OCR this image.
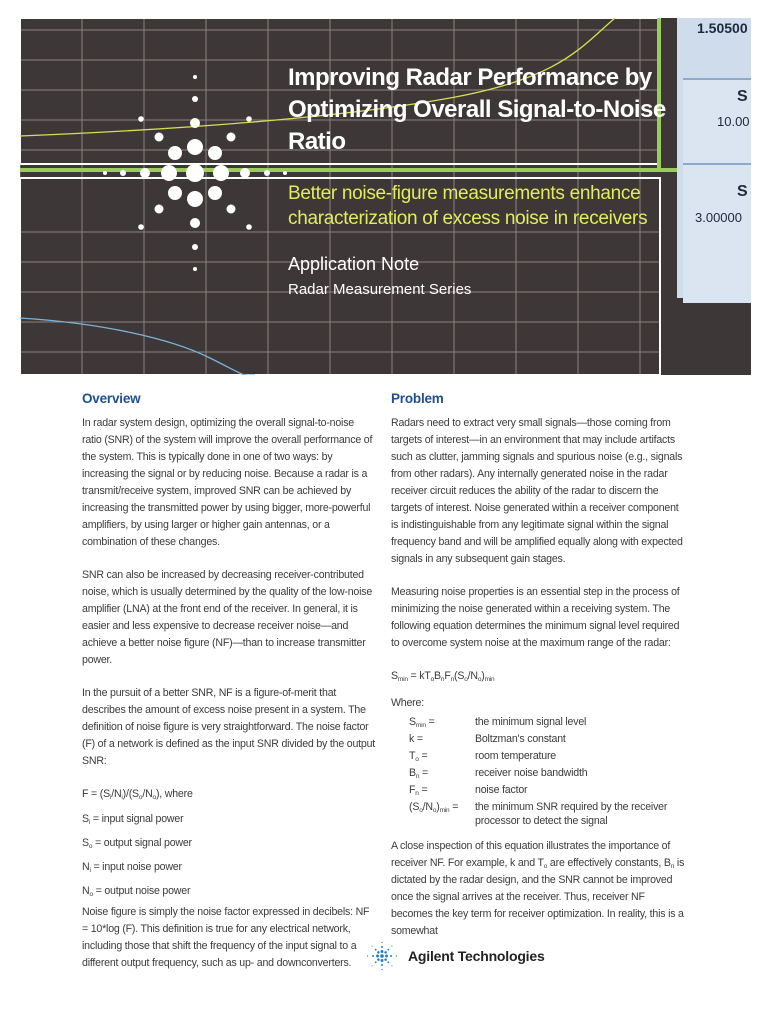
1.50500
S
10.00
S
3.00000
Improving Radar Performance by Optimizing Overall Signal-to-Noise Ratio
Better noise-figure measurements enhance characterization of excess noise in receivers
Application Note
Radar Measurement Series
Overview
In radar system design, optimizing the overall signal-to-noise ratio (SNR) of the system will improve the overall performance of the system. This is typically done in one of two ways: by increasing the signal or by reducing noise. Because a radar is a transmit/receive system, improved SNR can be achieved by increasing the transmitted power by using bigger, more-powerful amplifiers, by using larger or higher gain antennas, or a combination of these changes.
SNR can also be increased by decreasing receiver-contributed noise, which is usually determined by the quality of the low-noise amplifier (LNA) at the front end of the receiver. In general, it is easier and less expensive to decrease receiver noise—and achieve a better noise figure (NF)—than to increase transmitter power.
In the pursuit of a better SNR, NF is a figure-of-merit that describes the amount of excess noise present in a system. The definition of noise figure is very straightforward. The noise factor (F) of a network is defined as the input SNR divided by the output SNR:
$F = (S_i/N_i)/(S_o/N_o)$, where
$S_i$ = input signal power
$S_o$ = output signal power
$N_i$ = input noise power
$N_o$ = output noise power
Noise figure is simply the noise factor expressed in decibels: NF = 10*log (F). This definition is true for any electrical network, including those that shift the frequency of the input signal to a different output frequency, such as up- and downconverters.
Problem
Radars need to extract very small signals—those coming from targets of interest—in an environment that may include artifacts such as clutter, jamming signals and spurious noise (e.g., signals from other radars). Any internally generated noise in the radar receiver circuit reduces the ability of the radar to discern the targets of interest. Noise generated within a receiver component is indistinguishable from any legitimate signal within the signal frequency band and will be amplified equally along with expected signals in any subsequent gain stages.
Measuring noise properties is an essential step in the process of minimizing the noise generated within a receiving system. The following equation determines the minimum signal level required to overcome system noise at the maximum range of the radar:
$S_{min} = kT_oB_nF_n(S_o/N_o)_{min}$
Where:
$S_{min}$ =	the minimum signal level
k =	Boltzman's constant
$T_o$ =	room temperature
$B_n$ =	receiver noise bandwidth
$F_n$ =	noise factor
$(S_o/N_o)_{min}$ =	the minimum SNR required by the receiver processor to detect the signal
A close inspection of this equation illustrates the importance of receiver NF. For example, k and $T_o$ are effectively constants, $B_n$ is dictated by the radar design, and the SNR cannot be improved once the signal arrives at the receiver. Thus, receiver NF becomes the key term for receiver optimization. In reality, this is a somewhat
Agilent Technologies
